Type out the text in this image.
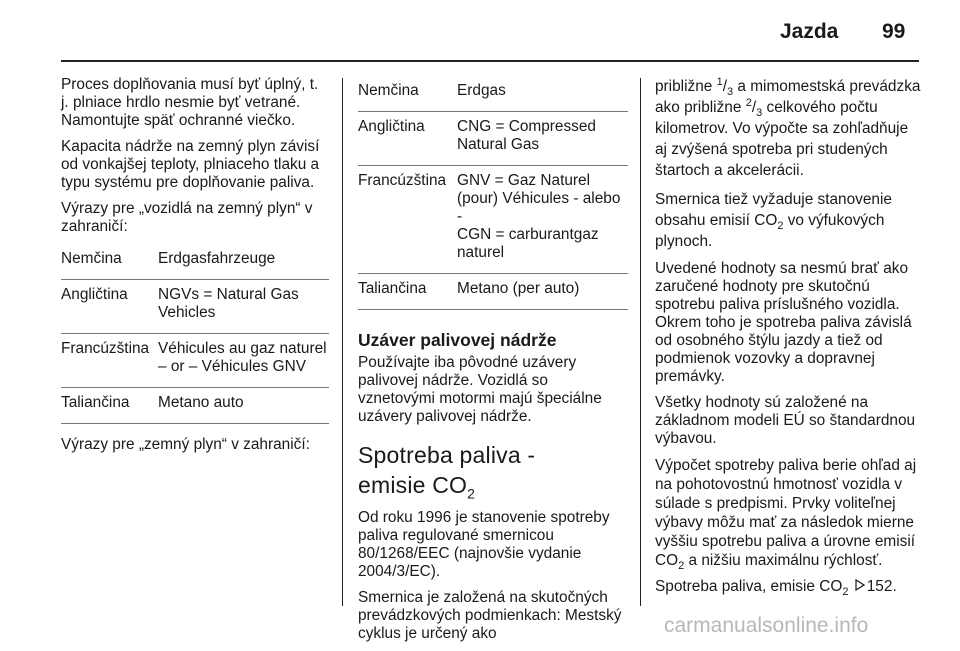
Jazda 99

Proces doplňovania musí byť úplný, t. j. plniace hrdlo nesmie byť vetrané. Namontujte späť ochranné viečko.

Kapacita nádrže na zemný plyn závisí od vonkajšej teploty, plniaceho tlaku a typu systému pre doplňovanie paliva.

Výrazy pre „vozidlá na zemný plyn“ v zahraničí:

Nemčina	Erdgasfahrzeuge
Angličtina	NGVs = Natural Gas Vehicles
Francúzština Véhicules au gaz naturel – or – Véhicules GNV
Taliančina	Metano auto

Výrazy pre „zemný plyn“ v zahraničí:

Nemčina	Erdgas
Angličtina	CNG = Compressed Natural Gas
Francúzština GNV = Gaz Naturel (pour) Véhicules - alebo -
CGN = carburantgaz naturel
Taliančina	Metano (per auto)
Uzáver palivovej nádrže

Používajte iba pôvodné uzávery palivovej nádrže. Vozidlá so vznetovými motormi majú špeciálne uzávery palivovej nádrže.

Spotreba paliva -
emisie $CO_2$

Od roku 1996 je stanovenie spotreby paliva regulované smernicou 80/1268/EEC (najnovšie vydanie 2004/3/EC).

Smernica je založená na skutočných prevádzkových podmienkach: Mestský cyklus je určený ako

približne $^1/_3$ a mimomestská prevádzka ako približne $^2/_3$ celkového počtu kilometrov. Vo výpočte sa zohľadňuje aj zvýšená spotreba pri studených štartoch a akcelerácii.

Smernica tiež vyžaduje stanovenie obsahu emisií $CO_2$ vo výfukových plynoch.

Uvedené hodnoty sa nesmú brať ako zaručené hodnoty pre skutočnú spotrebu paliva príslušného vozidla. Okrem toho je spotreba paliva závislá od osobného štýlu jazdy a tiež od podmienok vozovky a dopravnej premávky.

Všetky hodnoty sú založené na základnom modeli EÚ so štandardnou výbavou.

Výpočet spotreby paliva berie ohľad aj na pohotovostnú hmotnosť vozidla v súlade s predpismi. Prvky voliteľnej výbavy môžu mať za následok mierne vyššiu spotrebu paliva a úrovne emisií $CO_2$ a nižšiu maximálnu rýchlosť.

Spotreba paliva, emisie $CO_2$ 152.

carmanualsonline.info
